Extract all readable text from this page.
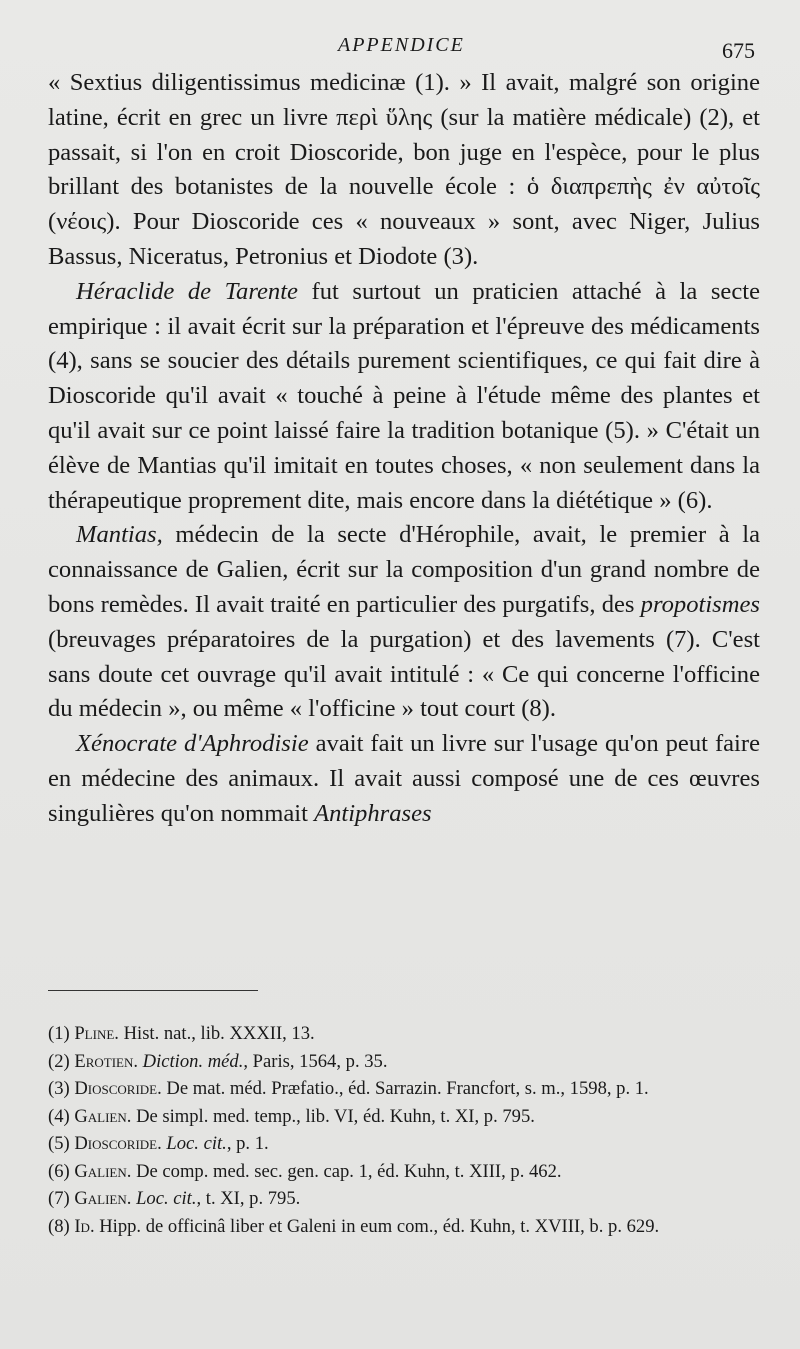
APPENDICE	675

« Sextius diligentissimus medicinæ (1). » Il avait, malgré son origine latine, écrit en grec un livre περὶ ὕλης (sur la matière médicale) (2), et passait, si l'on en croit Dioscoride, bon juge en l'espèce, pour le plus brillant des botanistes de la nouvelle école : ὁ διαπρεπὴς ἐν αὐτοῖς (νέοις). Pour Dioscoride ces « nouveaux » sont, avec Niger, Julius Bassus, Niceratus, Petronius et Diodote (3).

Héraclide de Tarente fut surtout un praticien attaché à la secte empirique : il avait écrit sur la préparation et l'épreuve des médicaments (4), sans se soucier des détails purement scientifiques, ce qui fait dire à Dioscoride qu'il avait « touché à peine à l'étude même des plantes et qu'il avait sur ce point laissé faire la tradition botanique (5). » C'était un élève de Mantias qu'il imitait en toutes choses, « non seulement dans la thérapeutique proprement dite, mais encore dans la diététique » (6).

Mantias, médecin de la secte d'Hérophile, avait, le premier à la connaissance de Galien, écrit sur la composition d'un grand nombre de bons remèdes. Il avait traité en particulier des purgatifs, des propotismes (breuvages préparatoires de la purgation) et des lavements (7). C'est sans doute cet ouvrage qu'il avait intitulé : « Ce qui concerne l'officine du médecin », ou même « l'officine » tout court (8).

Xénocrate d'Aphrodisie avait fait un livre sur l'usage qu'on peut faire en médecine des animaux. Il avait aussi composé une de ces œuvres singulières qu'on nommait Antiphrases

(1) Pline. Hist. nat., lib. XXXII, 13.

(2) Erotien. Diction. méd., Paris, 1564, p. 35.

(3) Dioscoride. De mat. méd. Præfatio., éd. Sarrazin. Francfort, s. m., 1598, p. 1.

(4) Galien. De simpl. med. temp., lib. VI, éd. Kuhn, t. XI, p. 795.

(5) Dioscoride. Loc. cit., p. 1.

(6) Galien. De comp. med. sec. gen. cap. 1, éd. Kuhn, t. XIII, p. 462.

(7) Galien. Loc. cit., t. XI, p. 795.

(8) Id. Hipp. de officinâ liber et Galeni in eum com., éd. Kuhn, t. XVIII, b. p. 629.
